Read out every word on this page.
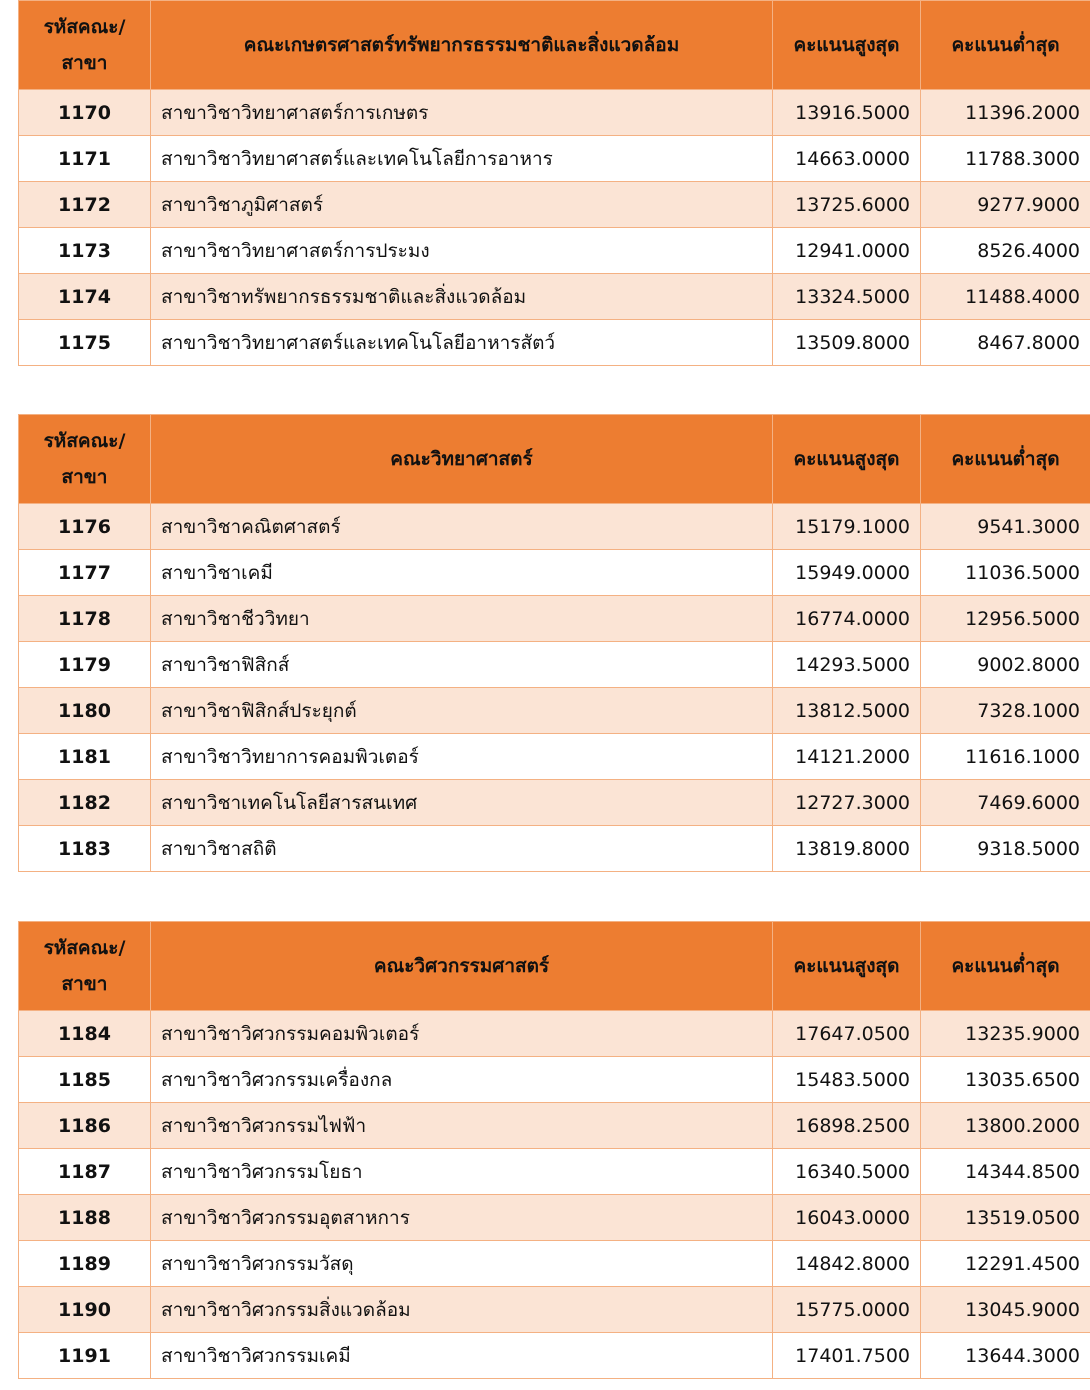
รหัสคณะ/
สาขา	คณะเกษตรศาสตร์ทรัพยากรธรรมชาติและสิ่งแวดล้อม	คะแนนสูงสุด	คะแนนต่ำสุด
1170	สาขาวิชาวิทยาศาสตร์การเกษตร	13916.5000	11396.2000
1171	สาขาวิชาวิทยาศาสตร์และเทคโนโลยีการอาหาร	14663.0000	11788.3000
1172	สาขาวิชาภูมิศาสตร์	13725.6000	9277.9000
1173	สาขาวิชาวิทยาศาสตร์การประมง	12941.0000	8526.4000
1174	สาขาวิชาทรัพยากรธรรมชาติและสิ่งแวดล้อม	13324.5000	11488.4000
1175	สาขาวิชาวิทยาศาสตร์และเทคโนโลยีอาหารสัตว์	13509.8000	8467.8000
รหัสคณะ/
สาขา	คณะวิทยาศาสตร์	คะแนนสูงสุด	คะแนนต่ำสุด
1176	สาขาวิชาคณิตศาสตร์	15179.1000	9541.3000
1177	สาขาวิชาเคมี	15949.0000	11036.5000
1178	สาขาวิชาชีววิทยา	16774.0000	12956.5000
1179	สาขาวิชาฟิสิกส์	14293.5000	9002.8000
1180	สาขาวิชาฟิสิกส์ประยุกต์	13812.5000	7328.1000
1181	สาขาวิชาวิทยาการคอมพิวเตอร์	14121.2000	11616.1000
1182	สาขาวิชาเทคโนโลยีสารสนเทศ	12727.3000	7469.6000
1183	สาขาวิชาสถิติ	13819.8000	9318.5000
รหัสคณะ/
สาขา	คณะวิศวกรรมศาสตร์	คะแนนสูงสุด	คะแนนต่ำสุด
1184	สาขาวิชาวิศวกรรมคอมพิวเตอร์	17647.0500	13235.9000
1185	สาขาวิชาวิศวกรรมเครื่องกล	15483.5000	13035.6500
1186	สาขาวิชาวิศวกรรมไฟฟ้า	16898.2500	13800.2000
1187	สาขาวิชาวิศวกรรมโยธา	16340.5000	14344.8500
1188	สาขาวิชาวิศวกรรมอุตสาหการ	16043.0000	13519.0500
1189	สาขาวิชาวิศวกรรมวัสดุ	14842.8000	12291.4500
1190	สาขาวิชาวิศวกรรมสิ่งแวดล้อม	15775.0000	13045.9000
1191	สาขาวิชาวิศวกรรมเคมี	17401.7500	13644.3000
